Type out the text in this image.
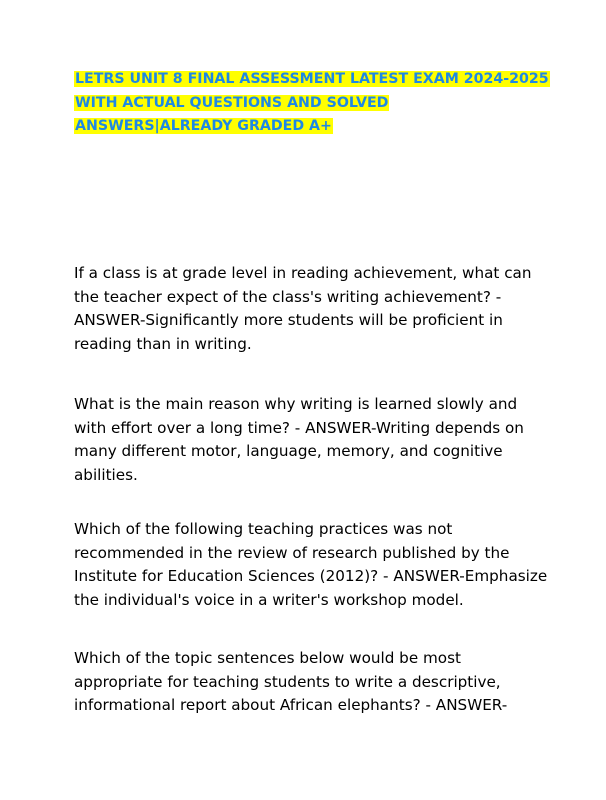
LETRS UNIT 8 FINAL ASSESSMENT LATEST EXAM 2024-2025
WITH ACTUAL QUESTIONS AND SOLVED
ANSWERS|ALREADY GRADED A+
If a class is at grade level in reading achievement, what can
the teacher expect of the class's writing achievement? -
ANSWER-Significantly more students will be proficient in
reading than in writing.
What is the main reason why writing is learned slowly and
with effort over a long time? - ANSWER-Writing depends on
many different motor, language, memory, and cognitive
abilities.
Which of the following teaching practices was not
recommended in the review of research published by the
Institute for Education Sciences (2012)? - ANSWER-Emphasize
the individual's voice in a writer's workshop model.
Which of the topic sentences below would be most
appropriate for teaching students to write a descriptive,
informational report about African elephants? - ANSWER-
